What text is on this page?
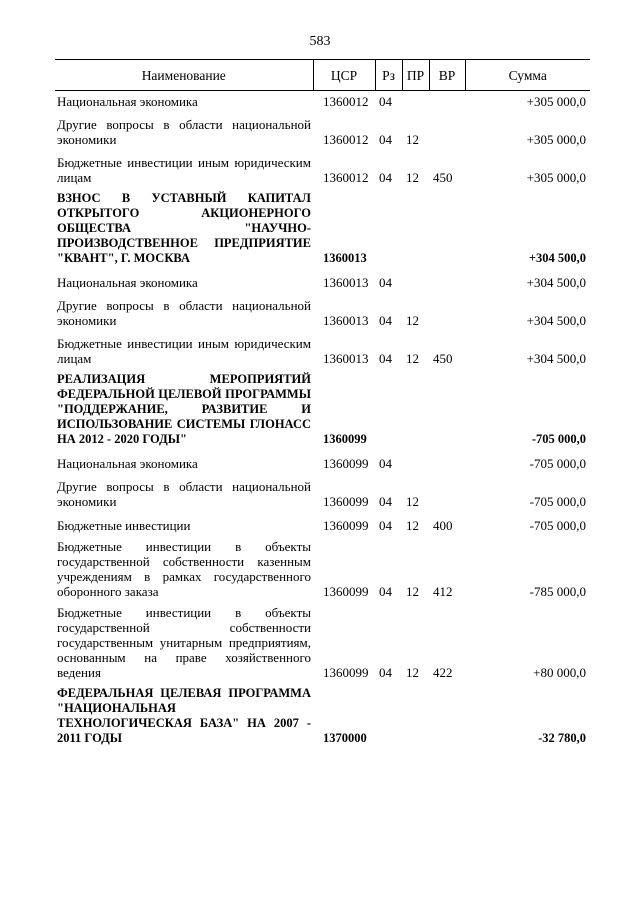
583
Наименование	ЦСР	Рз	ПР	ВР	Сумма
Национальная экономика	1360012	04			+305 000,0

Другие вопросы в области национальной экономики	1360012	04	12		+305 000,0

Бюджетные инвестиции иным юридическим лицам	1360012	04	12	450	+305 000,0

ВЗНОС В УСТАВНЫЙ КАПИТАЛ ОТКРЫТОГО АКЦИОНЕРНОГО ОБЩЕСТВА "НАУЧНО-ПРОИЗВОДСТВЕННОЕ ПРЕДПРИЯТИЕ "КВАНТ", Г. МОСКВА	1360013				+304 500,0

Национальная экономика	1360013	04			+304 500,0

Другие вопросы в области национальной экономики	1360013	04	12		+304 500,0

Бюджетные инвестиции иным юридическим лицам	1360013	04	12	450	+304 500,0

РЕАЛИЗАЦИЯ МЕРОПРИЯТИЙ ФЕДЕРАЛЬНОЙ ЦЕЛЕВОЙ ПРОГРАММЫ "ПОДДЕРЖАНИЕ, РАЗВИТИЕ И ИСПОЛЬЗОВАНИЕ СИСТЕМЫ ГЛОНАСС НА 2012 - 2020 ГОДЫ"	1360099				-705 000,0

Национальная экономика	1360099	04			-705 000,0

Другие вопросы в области национальной экономики	1360099	04	12		-705 000,0

Бюджетные инвестиции	1360099	04	12	400	-705 000,0

Бюджетные инвестиции в объекты государственной собственности казенным учреждениям в рамках государственного оборонного заказа	1360099	04	12	412	-785 000,0

Бюджетные инвестиции в объекты государственной собственности государственным унитарным предприятиям, основанным на праве хозяйственного ведения	1360099	04	12	422	+80 000,0

ФЕДЕРАЛЬНАЯ ЦЕЛЕВАЯ ПРОГРАММА "НАЦИОНАЛЬНАЯ ТЕХНОЛОГИЧЕСКАЯ БАЗА" НА 2007 - 2011 ГОДЫ	1370000				-32 780,0
